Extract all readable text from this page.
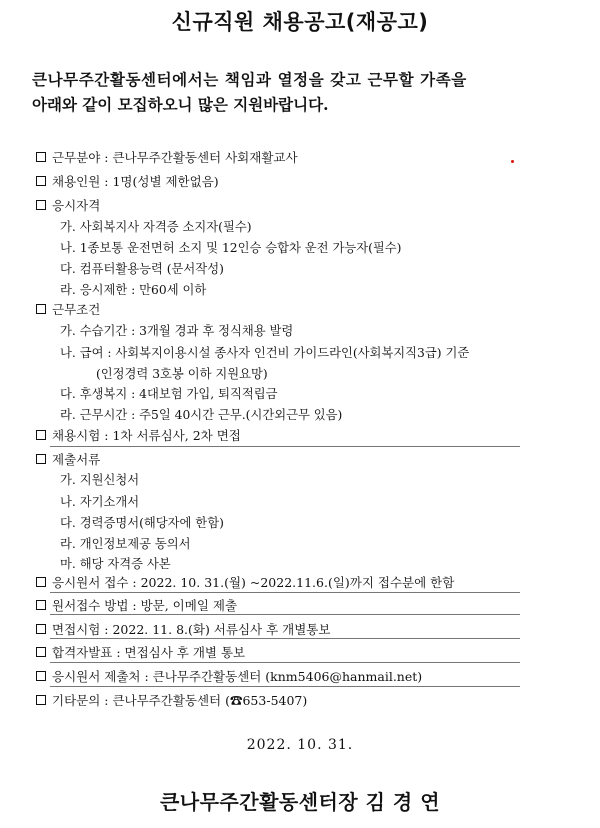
신규직원 채용공고(재공고)
큰나무주간활동센터에서는 책임과 열정을 갖고 근무할 가족을
아래와 같이 모집하오니 많은 지원바랍니다.
근무분야 : 큰나무주간활동센터 사회재활교사
채용인원 : 1명(성별 제한없음)
응시자격
가. 사회복지사 자격증 소지자(필수)
나. 1종보통 운전면허 소지 및 12인승 승합차 운전 가능자(필수)
다. 컴퓨터활용능력 (문서작성)
라. 응시제한 : 만60세 이하
근무조건
가. 수습기간 : 3개월 경과 후 정식채용 발령
나. 급여 : 사회복지이용시설 종사자 인건비 가이드라인(사회복지직3급) 기준
(인정경력 3호봉 이하 지원요망)
다. 후생복지 : 4대보험 가입, 퇴직적립금
라. 근무시간 : 주5일 40시간 근무.(시간외근무 있음)
채용시험 : 1차 서류심사, 2차 면접
제출서류
가. 지원신청서
나. 자기소개서
다. 경력증명서(해당자에 한함)
라. 개인정보제공 동의서
마. 해당 자격증 사본
응시원서 접수 : 2022. 10. 31.(월) ~2022.11.6.(일)까지 접수분에 한함
원서접수 방법 : 방문, 이메일 제출
면접시험 : 2022. 11. 8.(화) 서류심사 후 개별통보
합격자발표 : 면접심사 후 개별 통보
응시원서 제출처 : 큰나무주간활동센터 (knm5406@hanmail.net)
기타문의 : 큰나무주간활동센터 (☎653-5407)
2022. 10. 31.
큰나무주간활동센터장 김 경 연
